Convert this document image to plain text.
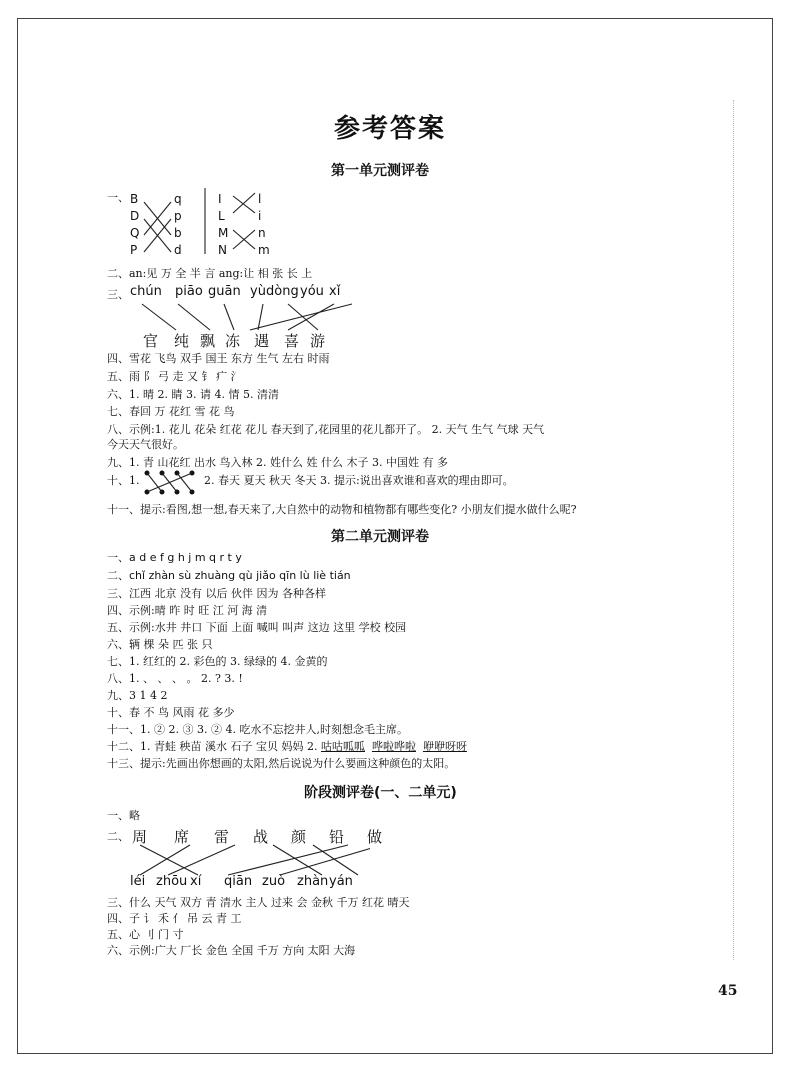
参考答案
第一单元测评卷
一、
二、an:见 万 全 半 言 ang:让 相 张 长 上
三、
四、雪花 飞鸟 双手 国王 东方 生气 左右 时雨
五、雨 阝 弓 走 又 钅 疒 氵
六、1. 晴 2. 睛 3. 请 4. 情 5. 清清
七、春回 万 花红 雪 花 鸟
八、示例:1. 花儿 花朵 红花 花儿 春天到了,花园里的花儿都开了。 2. 天气 生气 气球 天气
今天天气很好。
九、1. 青 山花红 出水 鸟入林 2. 姓什么 姓 什么 木子 3. 中国姓 有 多
十、1.	2. 春天 夏天 秋天 冬天 3. 提示:说出喜欢谁和喜欢的理由即可。
十一、提示:看图,想一想,春天来了,大自然中的动物和植物都有哪些变化? 小朋友们提水做什么呢?
第二单元测评卷
一、a d e f g h j m q r t y
二、chǐ zhàn sù zhuàng qù jiǎo qīn lù liè tián
三、江西 北京 没有 以后 伙伴 因为 各种各样
四、示例:晴 昨 时 旺 江 河 海 清
五、示例:水井 井口 下面 上面 喊叫 叫声 这边 这里 学校 校园
六、辆 棵 朵 匹 张 只
七、1. 红红的 2. 彩色的 3. 绿绿的 4. 金黄的
八、1. 、 、 、 。 2. ? 3. !
九、3 1 4 2
十、春 不 鸟 风雨 花 多少
十一、1. ② 2. ③ 3. ② 4. 吃水不忘挖井人,时刻想念毛主席。
十二、1. 青蛙 秧苗 溪水 石子 宝贝 妈妈 2. 咕咕呱呱 哗啦哗啦 咿咿呀呀
十三、提示:先画出你想画的太阳,然后说说为什么要画这种颜色的太阳。
阶段测评卷(一、二单元)
一、略
二、
三、什么 天气 双方 青 清水 主人 过来 会 金秋 千万 红花 晴天
四、子 讠 禾 亻 吊 云 青 工
五、心 刂 门 寸
六、示例:广大 厂长 金色 全国 千万 方向 太阳 大海
45
B
D
Q
P
q
p
b
d
I
L
M
N
l
i
n
m
chún piāo guān yù dòng yóu xǐ
官 纯 飘 冻 遇 喜 游
周 席 雷 战 颜 铅 做
léi zhōu xí qiān zuò zhàn yán
